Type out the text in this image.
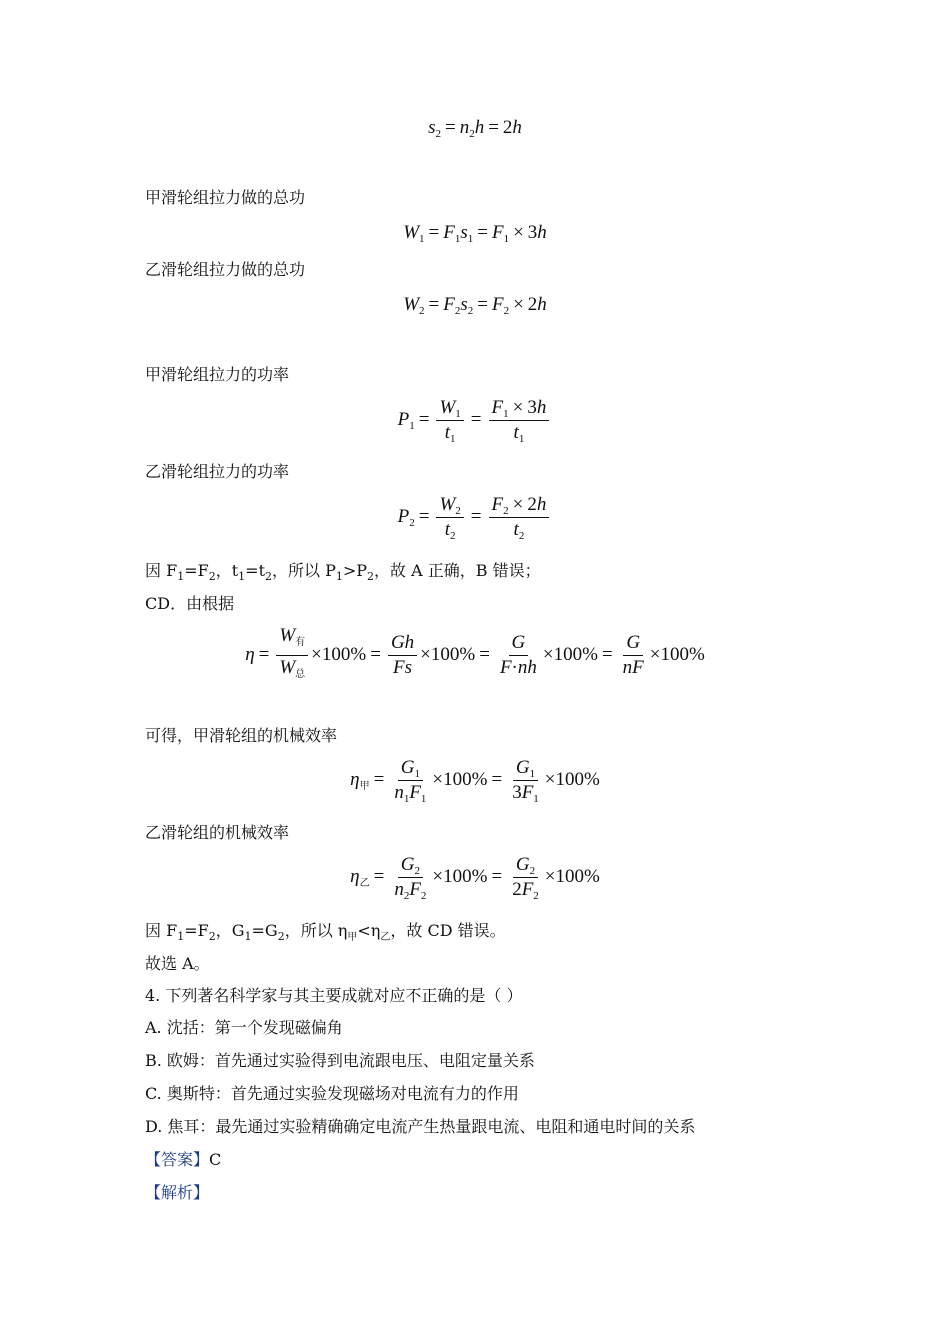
$s_2 = n_2h = 2h$
甲滑轮组拉力做的总功
$W_1 = F_1s_1 = F_1 \times 3h$
乙滑轮组拉力做的总功
$W_2 = F_2s_2 = F_2 \times 2h$
甲滑轮组拉力的功率
$P_1 = \frac{W_1}{t_1} = \frac{F_1 \times 3h}{t_1}$
乙滑轮组拉力的功率
$P_2 = \frac{W_2}{t_2} = \frac{F_2 \times 2h}{t_2}$
因 $F_1=F_2$，$t_1=t_2$，所以 $P_1>P_2$，故 A 正确，B 错误；
CD．由根据
η =
$W_有$
$W_总$
$\times 100\% = \frac{Gh}{Fs} \times 100\% = \frac{G}{F\cdot nh} \times 100\% = \frac{G}{nF} \times 100\%$
可得，甲滑轮组的机械效率
$\eta_甲 = \frac{G_1}{n_1F_1} \times 100\% = \frac{G_1}{3F_1} \times 100\%$
乙滑轮组的机械效率
$\eta_乙 = \frac{G_2}{n_2F_2} \times 100\% = \frac{G_2}{2F_2} \times 100\%$
因 $F_1=F_2$，$G_1=G_2$，所以 $\eta_甲<\eta_乙$，故 CD 错误。
故选 A。
4. 下列著名科学家与其主要成就对应不正确的是（ ）
A. 沈括：第一个发现磁偏角
B. 欧姆：首先通过实验得到电流跟电压、电阻定量关系
C. 奥斯特：首先通过实验发现磁场对电流有力的作用
D. 焦耳：最先通过实验精确确定电流产生热量跟电流、电阻和通电时间的关系
【答案】C
【解析】
